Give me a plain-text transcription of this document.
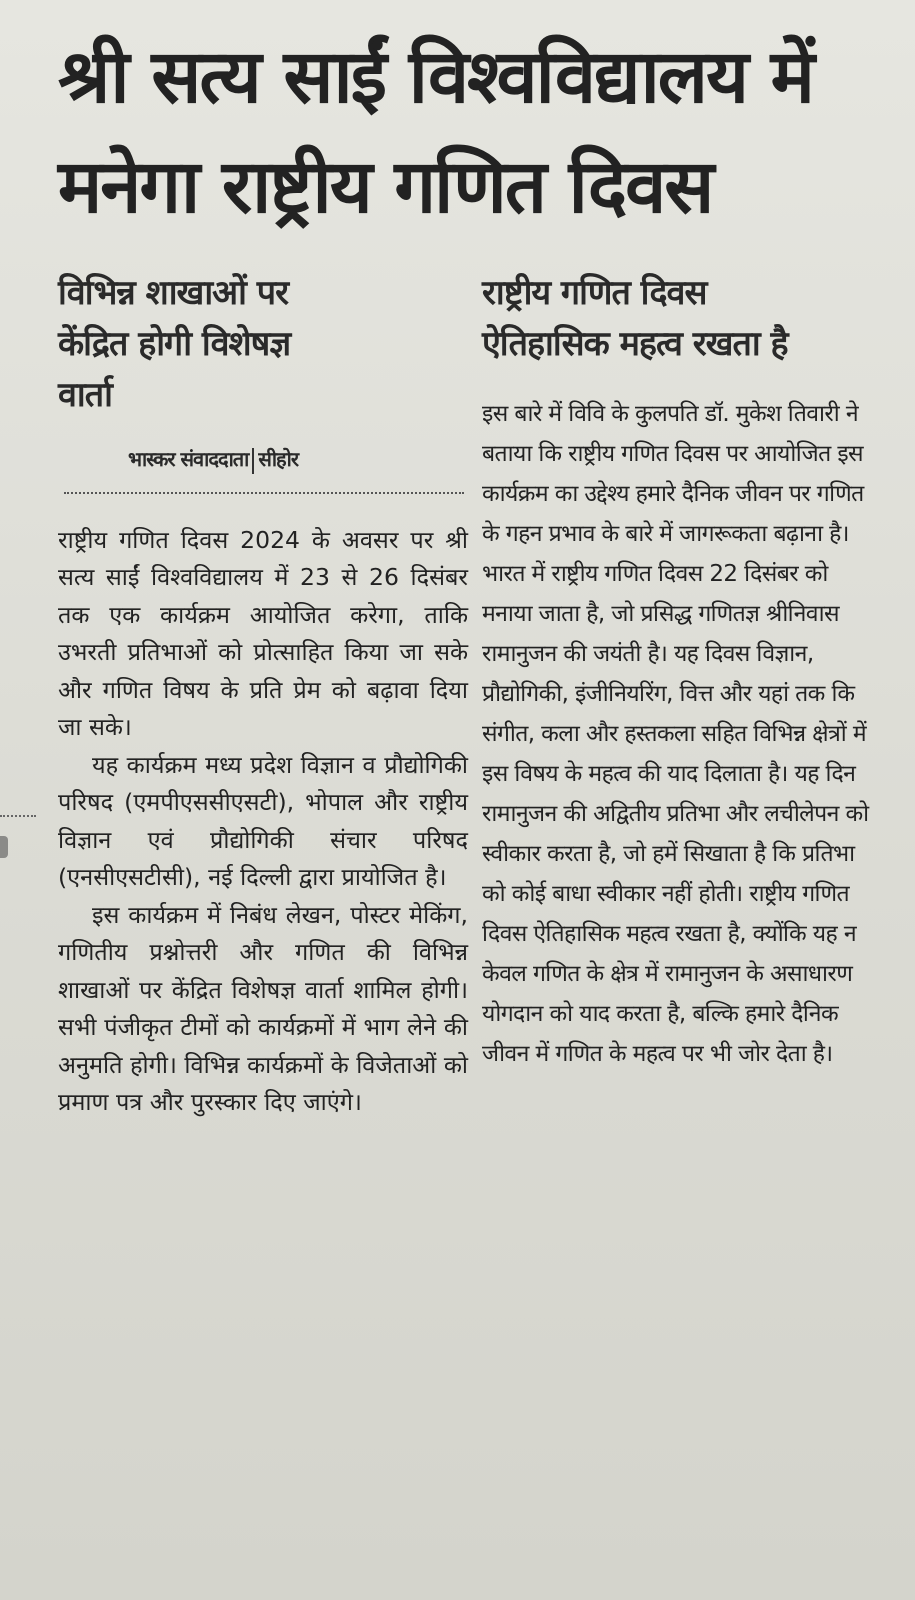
श्री सत्य साईं विश्वविद्यालय में
मनेगा राष्ट्रीय गणित दिवस
विभिन्न शाखाओं पर
केंद्रित होगी विशेषज्ञ
वार्ता
भास्कर संवाददाता सीहोर

राष्ट्रीय गणित दिवस 2024 के अवसर पर श्री सत्य साईं विश्वविद्यालय में 23 से 26 दिसंबर तक एक कार्यक्रम आयोजित करेगा, ताकि उभरती प्रतिभाओं को प्रोत्साहित किया जा सके और गणित विषय के प्रति प्रेम को बढ़ावा दिया जा सके।

यह कार्यक्रम मध्य प्रदेश विज्ञान व प्रौद्योगिकी परिषद (एमपीएससीएसटी), भोपाल और राष्ट्रीय विज्ञान एवं प्रौद्योगिकी संचार परिषद (एनसीएसटीसी), नई दिल्ली द्वारा प्रायोजित है।

इस कार्यक्रम में निबंध लेखन, पोस्टर मेकिंग, गणितीय प्रश्नोत्तरी और गणित की विभिन्न शाखाओं पर केंद्रित विशेषज्ञ वार्ता शामिल होगी। सभी पंजीकृत टीमों को कार्यक्रमों में भाग लेने की अनुमति होगी। विभिन्न कार्यक्रमों के विजेताओं को प्रमाण पत्र और पुरस्कार दिए जाएंगे।

राष्ट्रीय गणित दिवस
ऐतिहासिक महत्व रखता है

इस बारे में विवि के कुलपति डॉ. मुकेश तिवारी ने बताया कि राष्ट्रीय गणित दिवस पर आयोजित इस कार्यक्रम का उद्देश्य हमारे दैनिक जीवन पर गणित के गहन प्रभाव के बारे में जागरूकता बढ़ाना है। भारत में राष्ट्रीय गणित दिवस 22 दिसंबर को मनाया जाता है, जो प्रसिद्ध गणितज्ञ श्रीनिवास रामानुजन की जयंती है। यह दिवस विज्ञान, प्रौद्योगिकी, इंजीनियरिंग, वित्त और यहां तक कि संगीत, कला और हस्तकला सहित विभिन्न क्षेत्रों में इस विषय के महत्व की याद दिलाता है। यह दिन रामानुजन की अद्वितीय प्रतिभा और लचीलेपन को स्वीकार करता है, जो हमें सिखाता है कि प्रतिभा को कोई बाधा स्वीकार नहीं होती। राष्ट्रीय गणित दिवस ऐतिहासिक महत्व रखता है, क्योंकि यह न केवल गणित के क्षेत्र में रामानुजन के असाधारण योगदान को याद करता है, बल्कि हमारे दैनिक जीवन में गणित के महत्व पर भी जोर देता है।
